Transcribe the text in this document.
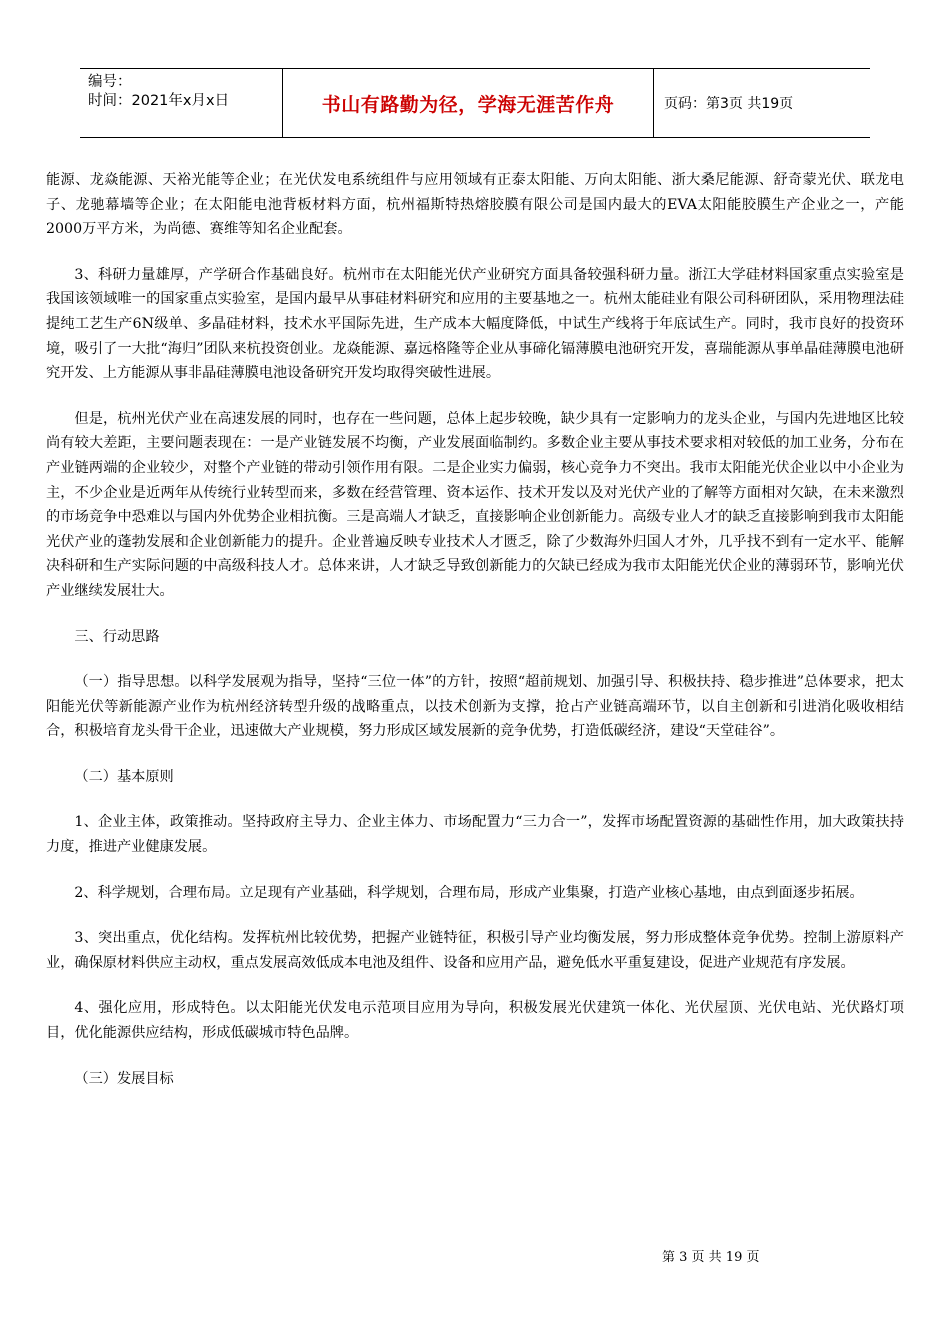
编号：
时间：2021年x月x日	书山有路勤为径，学海无涯苦作舟	页码：第3页 共19页

能源、龙焱能源、天裕光能等企业；在光伏发电系统组件与应用领域有正泰太阳能、万向太阳能、浙大桑尼能源、舒奇蒙光伏、联龙电子、龙驰幕墙等企业；在太阳能电池背板材料方面，杭州福斯特热熔胶膜有限公司是国内最大的EVA太阳能胶膜生产企业之一，产能2000万平方米，为尚德、赛维等知名企业配套。

3、科研力量雄厚，产学研合作基础良好。杭州市在太阳能光伏产业研究方面具备较强科研力量。浙江大学硅材料国家重点实验室是我国该领域唯一的国家重点实验室，是国内最早从事硅材料研究和应用的主要基地之一。杭州太能硅业有限公司科研团队，采用物理法硅提纯工艺生产6N级单、多晶硅材料，技术水平国际先进，生产成本大幅度降低，中试生产线将于年底试生产。同时，我市良好的投资环境，吸引了一大批“海归”团队来杭投资创业。龙焱能源、嘉远格隆等企业从事碲化镉薄膜电池研究开发，喜瑞能源从事单晶硅薄膜电池研究开发、上方能源从事非晶硅薄膜电池设备研究开发均取得突破性进展。

但是，杭州光伏产业在高速发展的同时，也存在一些问题，总体上起步较晚，缺少具有一定影响力的龙头企业，与国内先进地区比较尚有较大差距，主要问题表现在：一是产业链发展不均衡，产业发展面临制约。多数企业主要从事技术要求相对较低的加工业务，分布在产业链两端的企业较少，对整个产业链的带动引领作用有限。二是企业实力偏弱，核心竞争力不突出。我市太阳能光伏企业以中小企业为主，不少企业是近两年从传统行业转型而来，多数在经营管理、资本运作、技术开发以及对光伏产业的了解等方面相对欠缺，在未来激烈的市场竞争中恐难以与国内外优势企业相抗衡。三是高端人才缺乏，直接影响企业创新能力。高级专业人才的缺乏直接影响到我市太阳能光伏产业的蓬勃发展和企业创新能力的提升。企业普遍反映专业技术人才匮乏，除了少数海外归国人才外，几乎找不到有一定水平、能解决科研和生产实际问题的中高级科技人才。总体来讲，人才缺乏导致创新能力的欠缺已经成为我市太阳能光伏企业的薄弱环节，影响光伏产业继续发展壮大。

三、行动思路

（一）指导思想。以科学发展观为指导，坚持“三位一体”的方针，按照“超前规划、加强引导、积极扶持、稳步推进”总体要求，把太阳能光伏等新能源产业作为杭州经济转型升级的战略重点，以技术创新为支撑，抢占产业链高端环节，以自主创新和引进消化吸收相结合，积极培育龙头骨干企业，迅速做大产业规模，努力形成区域发展新的竞争优势，打造低碳经济，建设“天堂硅谷”。

（二）基本原则

1、企业主体，政策推动。坚持政府主导力、企业主体力、市场配置力“三力合一”，发挥市场配置资源的基础性作用，加大政策扶持力度，推进产业健康发展。

2、科学规划，合理布局。立足现有产业基础，科学规划，合理布局，形成产业集聚，打造产业核心基地，由点到面逐步拓展。

3、突出重点，优化结构。发挥杭州比较优势，把握产业链特征，积极引导产业均衡发展，努力形成整体竞争优势。控制上游原料产业，确保原材料供应主动权，重点发展高效低成本电池及组件、设备和应用产品，避免低水平重复建设，促进产业规范有序发展。

4、强化应用，形成特色。以太阳能光伏发电示范项目应用为导向，积极发展光伏建筑一体化、光伏屋顶、光伏电站、光伏路灯项目，优化能源供应结构，形成低碳城市特色品牌。

（三）发展目标

第 3 页 共 19 页
